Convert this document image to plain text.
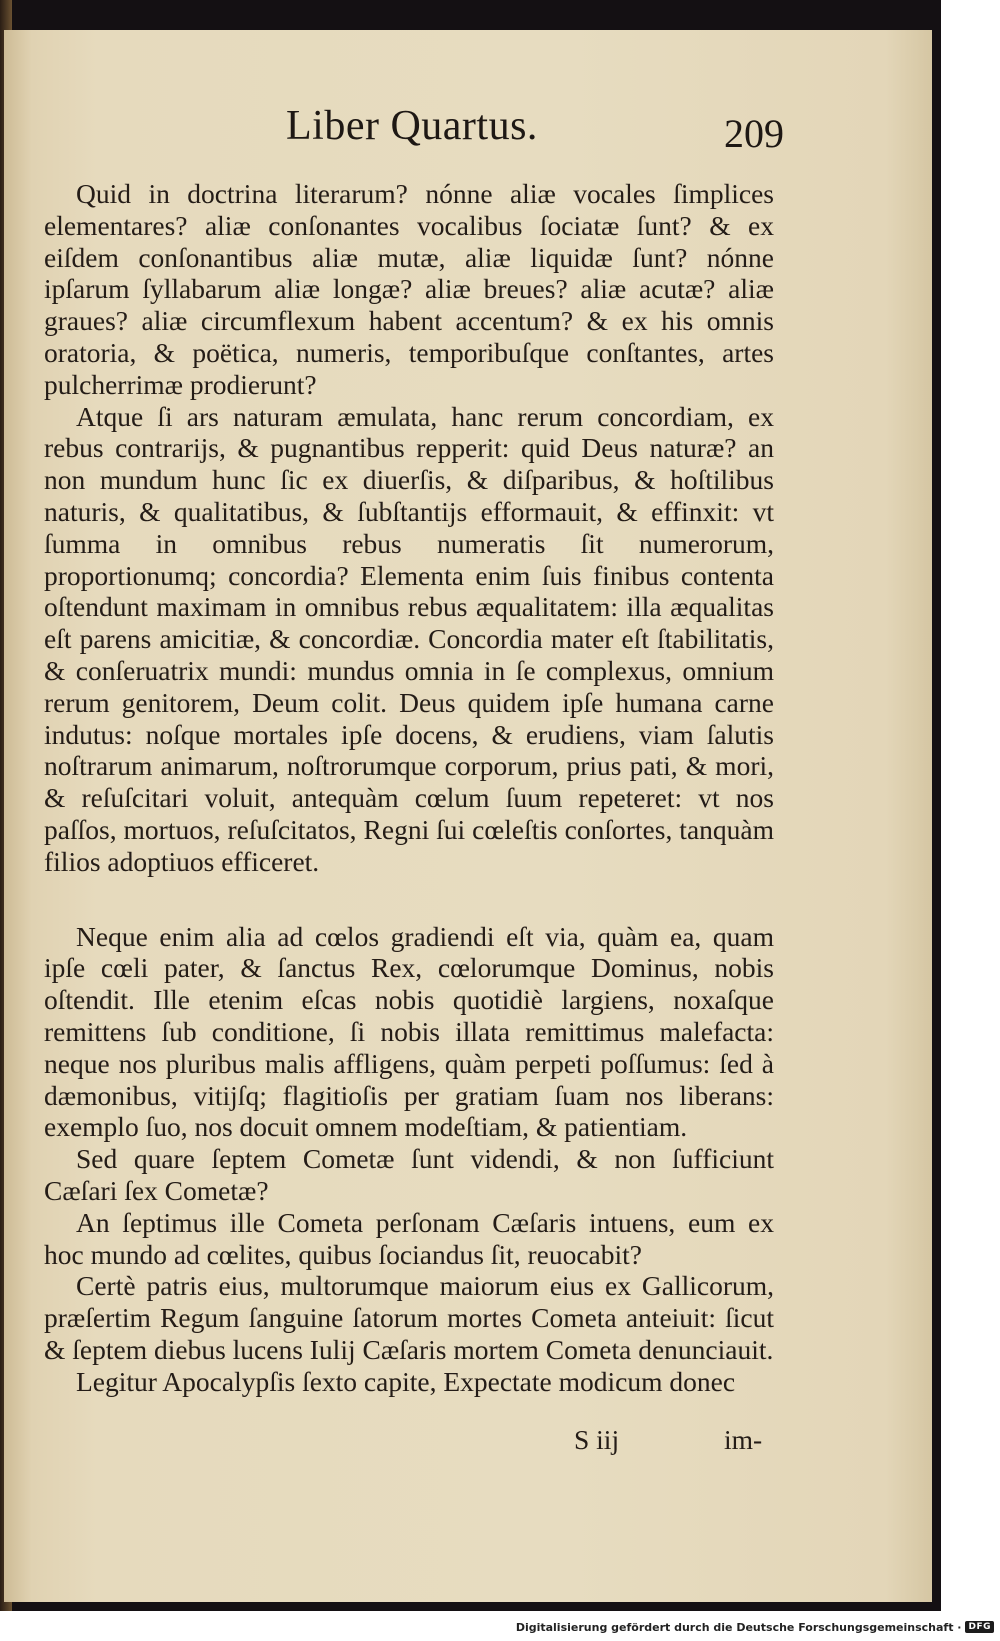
Liber Quartus.	209

Quid in doctrina literarum? nónne aliæ vocales ſimplices elementares? aliæ conſonantes vocalibus ſociatæ ſunt? & ex eiſdem conſonantibus aliæ mutæ, aliæ liquidæ ſunt? nónne ipſarum ſyllabarum aliæ longæ? aliæ breues? aliæ acutæ? aliæ graues? aliæ circumflexum habent accentum? & ex his omnis oratoria, & poëtica, numeris, temporibuſque conſtantes, artes pulcherrimæ prodierunt?

Atque ſi ars naturam æmulata, hanc rerum concordiam, ex rebus contrarijs, & pugnantibus repperit: quid Deus naturæ? an non mundum hunc ſic ex diuerſis, & diſparibus, & hoſtilibus naturis, & qualitatibus, & ſubſtantijs efformauit, & effinxit: vt ſumma in omnibus rebus numeratis ſit numerorum, proportionumq; concordia? Elementa enim ſuis finibus contenta oſtendunt maximam in omnibus rebus æqualitatem: illa æqualitas eſt parens amicitiæ, & concordiæ. Concordia mater eſt ſtabilitatis, & conſeruatrix mundi: mundus omnia in ſe complexus, omnium rerum genitorem, Deum colit. Deus quidem ipſe humana carne indutus: noſque mortales ipſe docens, & erudiens, viam ſalutis noſtrarum animarum, noſtrorumque corporum, prius pati, & mori, & reſuſcitari voluit, antequàm cœlum ſuum repeteret: vt nos paſſos, mortuos, reſuſcitatos, Regni ſui cœleſtis conſortes, tanquàm filios adoptiuos efficeret.

Neque enim alia ad cœlos gradiendi eſt via, quàm ea, quam ipſe cœli pater, & ſanctus Rex, cœlorumque Dominus, nobis oſtendit. Ille etenim eſcas nobis quotidiè largiens, noxaſque remittens ſub conditione, ſi nobis illata remittimus malefacta: neque nos pluribus malis affligens, quàm perpeti poſſumus: ſed à dæmonibus, vitijſq; flagitioſis per gratiam ſuam nos liberans: exemplo ſuo, nos docuit omnem modeſtiam, & patientiam.

Sed quare ſeptem Cometæ ſunt videndi, & non ſufficiunt Cæſari ſex Cometæ?

An ſeptimus ille Cometa perſonam Cæſaris intuens, eum ex hoc mundo ad cœlites, quibus ſociandus ſit, reuocabit?

Certè patris eius, multorumque maiorum eius ex Gallicorum, præſertim Regum ſanguine ſatorum mortes Cometa anteiuit: ſicut & ſeptem diebus lucens Iulij Cæſaris mortem Cometa denunciauit.

Legitur Apocalypſis ſexto capite, Expectate modicum donec

S iij	im-
Digitalisierung gefördert durch die Deutsche Forschungsgemeinschaft · DFG
